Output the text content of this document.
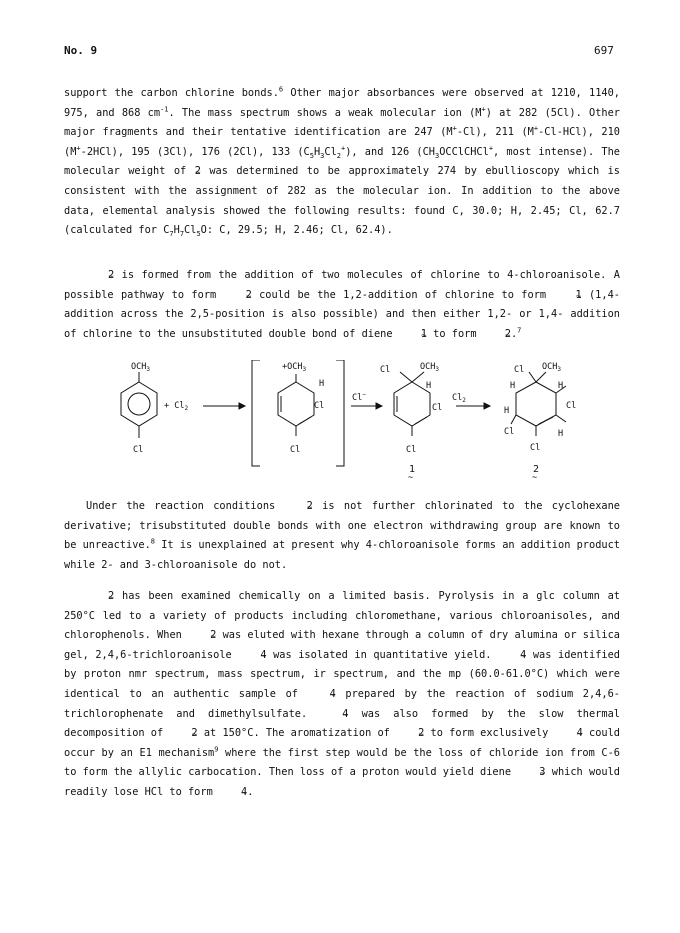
No. 9	697

support the carbon chlorine bonds.$^6$ Other major absorbances were observed at 1210, 1140, 975, and 868 $cm^{-1}$. The mass spectrum shows a weak molecular ion (M+) at 282 (5Cl). Other major fragments and their tentative identification are 247 (M+-Cl), 211 (M+-Cl-HCl), 210 (M+-2HCl), 195 (3Cl), 176 (2Cl), 133 $(C_5H_3Cl_2^+)$, and 126 ($CH_3OCClCHCl^+$, most intense). The molecular weight of 2 ~ was determined to be approximately 274 by ebullioscopy which is consistent with the assignment of 282 as the molecular ion. In addition to the above data, elemental analysis showed the following results: found C, 30.0; H, 2.45; Cl, 62.7 (calculated for $C_7H_7Cl_5O$: C, 29.5; H, 2.46; Cl, 62.4).

2 ~ is formed from the addition of two molecules of chlorine to 4-chloroanisole. A possible pathway to form 2 ~ could be the 1,2-addition of chlorine to form 1 ~ (1,4-addition across the 2,5-position is also possible) and then either 1,2- or 1,4- addition of chlorine to the unsubstituted double bond of diene 1 ~ to form 2 ~.$^7$

$OCH_3$
Cl
+ $Cl_2$
$+OCH_3$
H
Cl
Cl
Cl−
Cl	$OCH_3$
H
Cl
Cl
1
~
$Cl_2$
Cl $OCH_3$
H	H
Cl
H
H
Cl
Cl
2
~

Under the reaction conditions 2 ~ is not further chlorinated to the cyclohexane derivative; trisubstituted double bonds with one electron withdrawing group are known to be unreactive.$^8$ It is unexplained at present why 4-chloroanisole forms an addition product while 2- and 3-chloroanisole do not.

2 ~ has been examined chemically on a limited basis. Pyrolysis in a glc column at 250°C led to a variety of products including chloromethane, various chloroanisoles, and chlorophenols. When 2 ~ was eluted with hexane through a column of dry alumina or silica gel, 2,4,6-trichloroanisole 4 ~ was isolated in quantitative yield. 4 ~ was identified by proton nmr spectrum, mass spectrum, ir spectrum, and the mp (60.0-61.0°C) which were identical to an authentic sample of 4 ~ prepared by the reaction of sodium 2,4,6-trichlorophenate and dimethylsulfate. 4 ~ was also formed by the slow thermal decomposition of 2 ~ at 150°C. The aromatization of 2 ~ to form exclusively 4 ~ could occur by an E1 mechanism$^9$ where the first step would be the loss of chloride ion from C-6 to form the allylic carbocation. Then loss of a proton would yield diene 3 ~ which would readily lose HCl to form 4 ~.
